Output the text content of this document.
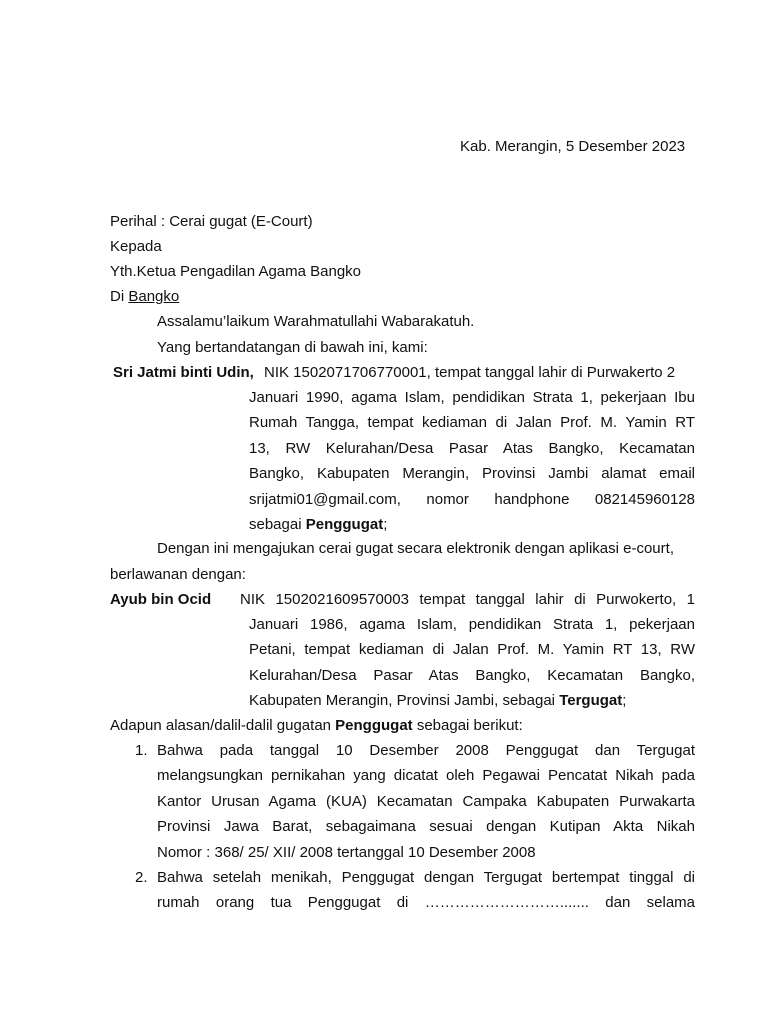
Kab. Merangin, 5 Desember 2023
Perihal : Cerai gugat (E-Court)
Kepada
Yth.Ketua Pengadilan Agama Bangko
Di Bangko
Assalamu’laikum Warahmatullahi Wabarakatuh.
Yang bertandatangan di bawah ini, kami:
Sri Jatmi binti Udin, NIK 1502071706770001, tempat tanggal lahir di Purwakerto 2

Januari 1990, agama Islam, pendidikan Strata 1, pekerjaan Ibu

Rumah Tangga, tempat kediaman di Jalan Prof. M. Yamin RT

13, RW Kelurahan/Desa Pasar Atas Bangko, Kecamatan

Bangko, Kabupaten Merangin, Provinsi Jambi alamat email

srijatmi01@gmail.com, nomor handphone 082145960128

sebagai Penggugat;

Dengan ini mengajukan cerai gugat secara elektronik dengan aplikasi e-court,
berlawanan dengan:
Ayub bin Ocid NIK 1502021609570003 tempat tanggal lahir di Purwokerto, 1

Januari 1986, agama Islam, pendidikan Strata 1, pekerjaan

Petani, tempat kediaman di Jalan Prof. M. Yamin RT 13, RW

Kelurahan/Desa Pasar Atas Bangko, Kecamatan Bangko,

Kabupaten Merangin, Provinsi Jambi, sebagai Tergugat;

Adapun alasan/dalil-dalil gugatan Penggugat sebagai berikut:
1. Bahwa pada tanggal 10 Desember 2008 Penggugat dan Tergugat

melangsungkan pernikahan yang dicatat oleh Pegawai Pencatat Nikah pada

Kantor Urusan Agama (KUA) Kecamatan Campaka Kabupaten Purwakarta

Provinsi Jawa Barat, sebagaimana sesuai dengan Kutipan Akta Nikah

Nomor : 368/ 25/ XII/ 2008 tertanggal 10 Desember 2008

2. Bahwa setelah menikah, Penggugat dengan Tergugat bertempat tinggal di

rumah orang tua Penggugat di ………………………....... dan selama
